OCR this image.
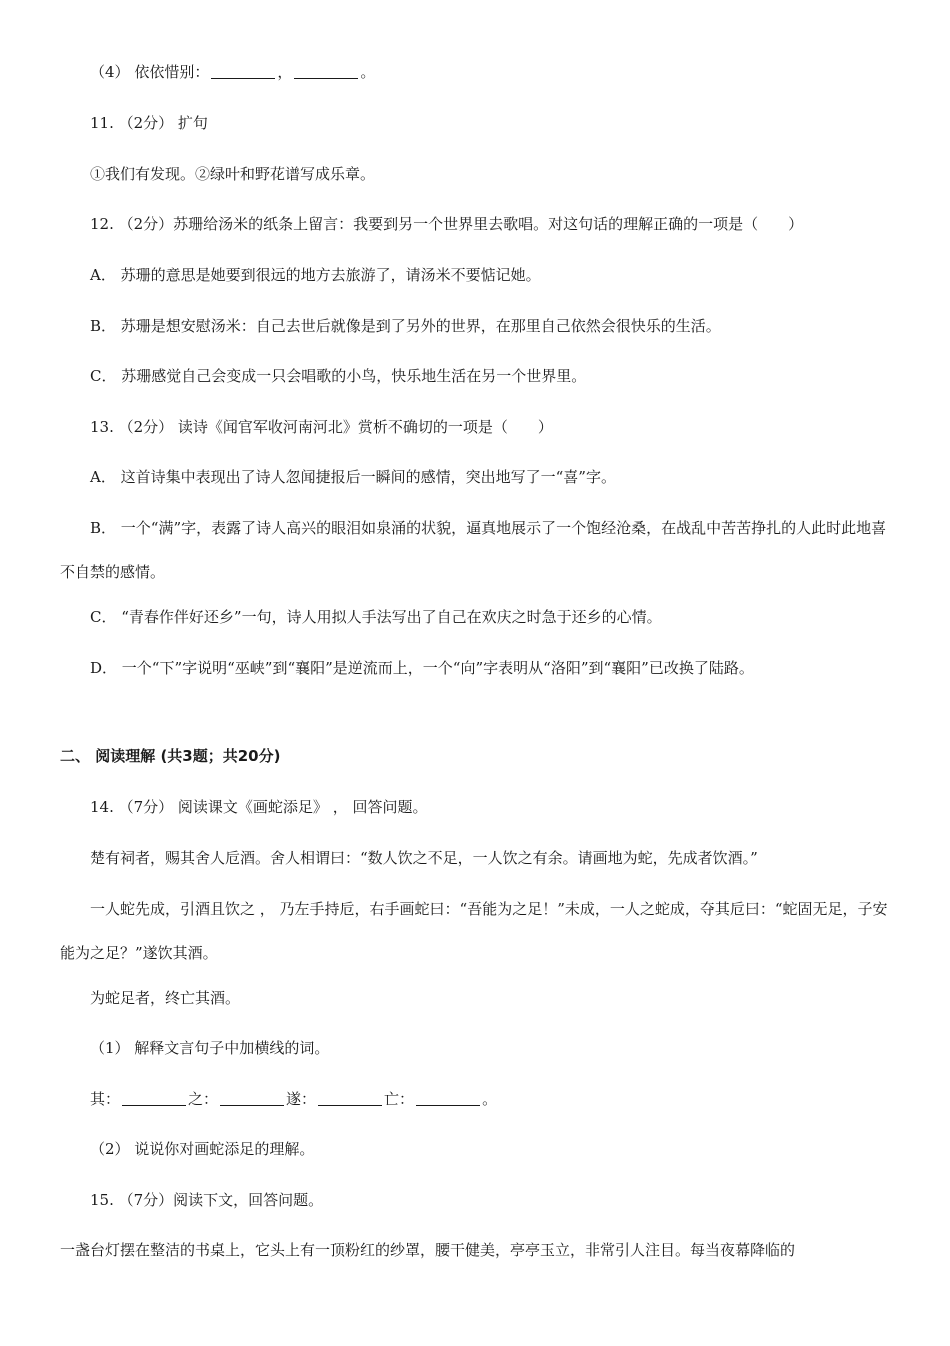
（4） 依依惜别：	，	。
11. （2分） 扩句
①我们有发现。②绿叶和野花谱写成乐章。
12. （2分）苏珊给汤米的纸条上留言：我要到另一个世界里去歌唱。对这句话的理解正确的一项是（　　）
A． 苏珊的意思是她要到很远的地方去旅游了，请汤米不要惦记她。
B． 苏珊是想安慰汤米：自己去世后就像是到了另外的世界，在那里自己依然会很快乐的生活。
C． 苏珊感觉自己会变成一只会唱歌的小鸟，快乐地生活在另一个世界里。
13. （2分） 读诗《闻官军收河南河北》赏析不确切的一项是（　　）
A． 这首诗集中表现出了诗人忽闻捷报后一瞬间的感情，突出地写了一“喜”字。
B． 一个“满”字，表露了诗人高兴的眼泪如泉涌的状貌，逼真地展示了一个饱经沧桑，在战乱中苦苦挣扎的人此时此地喜不自禁的感情。
C． “青春作伴好还乡”一句，诗人用拟人手法写出了自己在欢庆之时急于还乡的心情。
D． 一个“下”字说明“巫峡”到“襄阳”是逆流而上，一个“向”字表明从“洛阳”到“襄阳”已改换了陆路。
二、 阅读理解 (共3题；共20分)
14. （7分） 阅读课文《画蛇添足》 ， 回答问题。
楚有祠者，赐其舍人卮酒。舍人相谓曰：“数人饮之不足，一人饮之有余。请画地为蛇，先成者饮酒。”
一人蛇先成，引酒且饮之 ， 乃左手持卮，右手画蛇曰：“吾能为之足！”未成，一人之蛇成，夺其卮曰：“蛇固无足，子安能为之足？”遂饮其酒。
为蛇足者，终亡其酒。
（1） 解释文言句子中加横线的词。
其：	之：	遂：	亡：	。
（2） 说说你对画蛇添足的理解。
15. （7分）阅读下文，回答问题。
一盏台灯摆在整洁的书桌上，它头上有一顶粉红的纱罩，腰干健美，亭亭玉立，非常引人注目。每当夜幕降临的
